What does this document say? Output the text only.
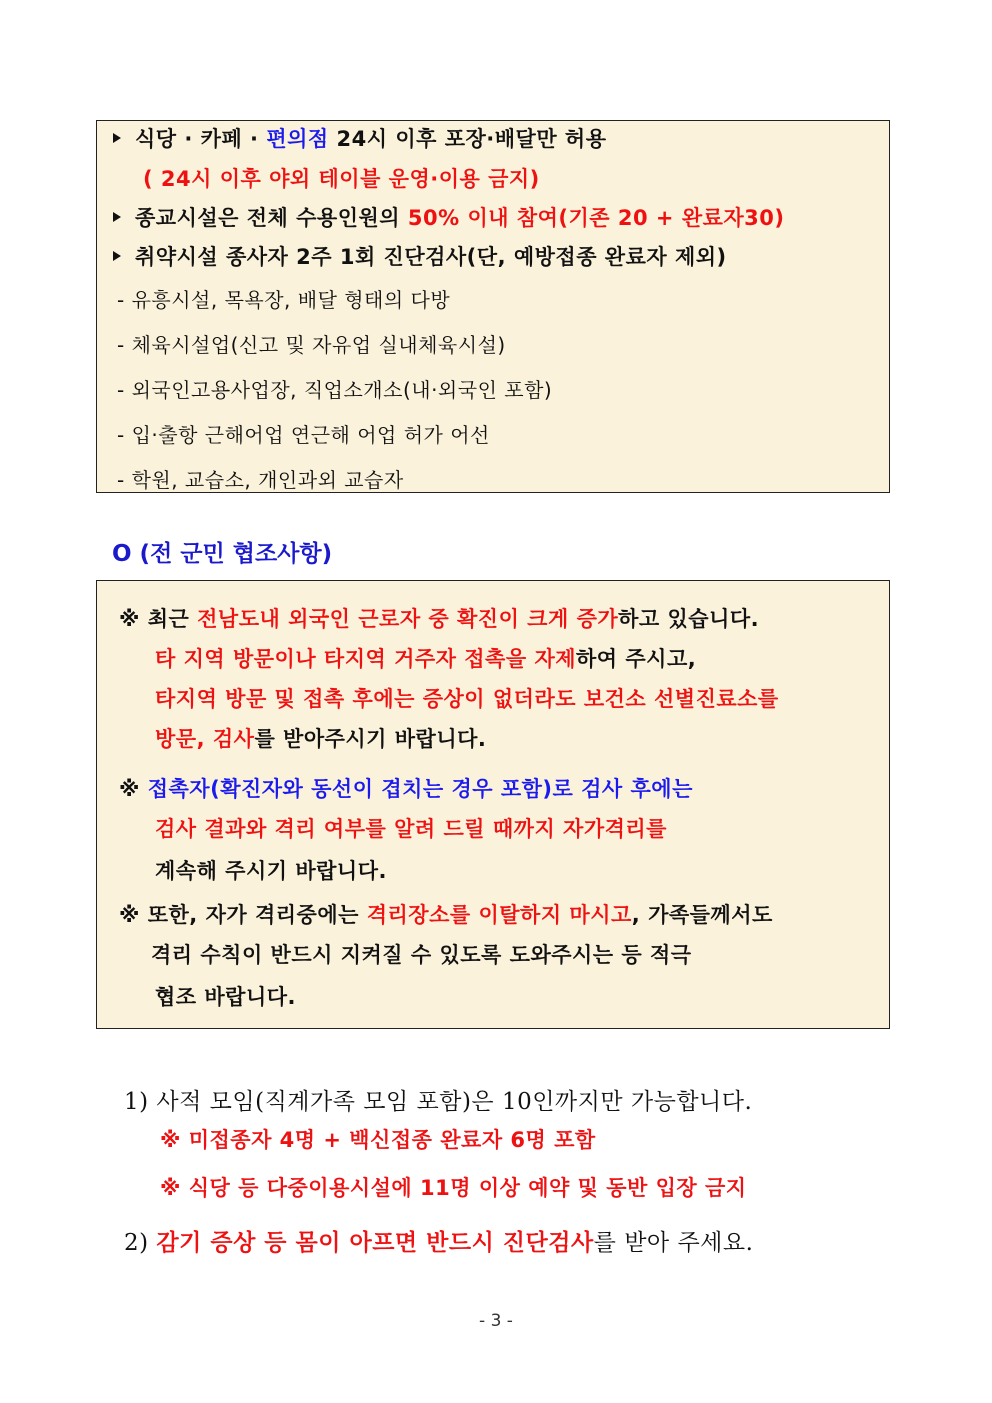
식당 · 카페 · 편의점 24시 이후 포장·배달만 허용
( 24시 이후 야외 테이블 운영·이용 금지)
종교시설은 전체 수용인원의 50% 이내 참여(기존 20 + 완료자30)
취약시설 종사자 2주 1회 진단검사(단, 예방접종 완료자 제외)
- 유흥시설, 목욕장, 배달 형태의 다방
- 체육시설업(신고 및 자유업 실내체육시설)
- 외국인고용사업장, 직업소개소(내·외국인 포함)
- 입·출항 근해어업 연근해 어업 허가 어선
- 학원, 교습소, 개인과외 교습자
O (전 군민 협조사항)
※ 최근 전남도내 외국인 근로자 중 확진이 크게 증가하고 있습니다.
타 지역 방문이나 타지역 거주자 접촉을 자제하여 주시고,
타지역 방문 및 접촉 후에는 증상이 없더라도 보건소 선별진료소를
방문, 검사를 받아주시기 바랍니다.
※ 접촉자(확진자와 동선이 겹치는 경우 포함)로 검사 후에는
검사 결과와 격리 여부를 알려 드릴 때까지 자가격리를
계속해 주시기 바랍니다.
※ 또한, 자가 격리중에는 격리장소를 이탈하지 마시고, 가족들께서도
격리 수칙이 반드시 지켜질 수 있도록 도와주시는 등 적극
협조 바랍니다.
1) 사적 모임(직계가족 모임 포함)은 10인까지만 가능합니다.
※ 미접종자 4명 + 백신접종 완료자 6명 포함
※ 식당 등 다중이용시설에 11명 이상 예약 및 동반 입장 금지
2) 감기 증상 등 몸이 아프면 반드시 진단검사를 받아 주세요.
- 3 -
